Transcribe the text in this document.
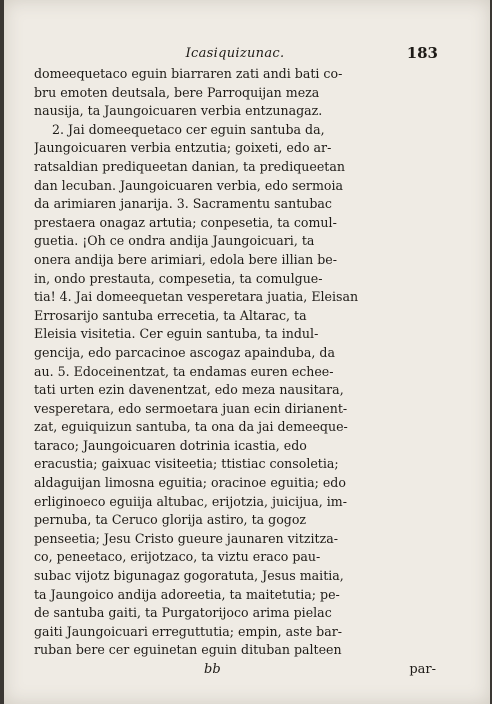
Icasiquizunac.	183
domeequetaco eguin biarraren zati andi bati co-
bru emoten deutsala, bere Parroquijan meza
nausija, ta Jaungoicuaren verbia entzunagaz.
2. Jai domeequetaco cer eguin santuba da,
Jaungoicuaren verbia entzutia; goixeti, edo ar-
ratsaldian prediqueetan danian, ta prediqueetan
dan lecuban. Jaungoicuaren verbia, edo sermoia
da arimiaren janarija. 3. Sacramentu santubac
prestaera onagaz artutia; conpesetia, ta comul-
guetia. ¡Oh ce ondra andija Jaungoicuari, ta
onera andija bere arimiari, edola bere illian be-
in, ondo prestauta, compesetia, ta comulgue-
tia! 4. Jai domeequetan vesperetara juatia, Eleisan
Errosarijo santuba errecetia, ta Altarac, ta
Eleisia visitetia. Cer eguin santuba, ta indul-
gencija, edo parcacinoe ascogaz apainduba, da
au. 5. Edoceinentzat, ta endamas euren echee-
tati urten ezin davenentzat, edo meza nausitara,
vesperetara, edo sermoetara juan ecin dirianent-
zat, eguiquizun santuba, ta ona da jai demeeque-
taraco; Jaungoicuaren dotrinia icastia, edo
eracustia; gaixuac visiteetia; ttistiac consoletia;
aldaguijan limosna eguitia; oracinoe eguitia; edo
erliginoeco eguiija altubac, erijotzia, juicijua, im-
pernuba, ta Ceruco glorija astiro, ta gogoz
penseetia; Jesu Cristo gueure jaunaren vitzitza-
co, peneetaco, erijotzaco, ta viztu eraco pau-
subac vijotz bigunagaz gogoratuta, Jesus maitia,
ta Jaungoico andija adoreetia, ta maitetutia; pe-
de santuba gaiti, ta Purgatorijoco arima pielac
gaiti Jaungoicuari erreguttutia; empin, aste bar-
ruban bere cer eguinetan eguin dituban palteen
bb	par-
